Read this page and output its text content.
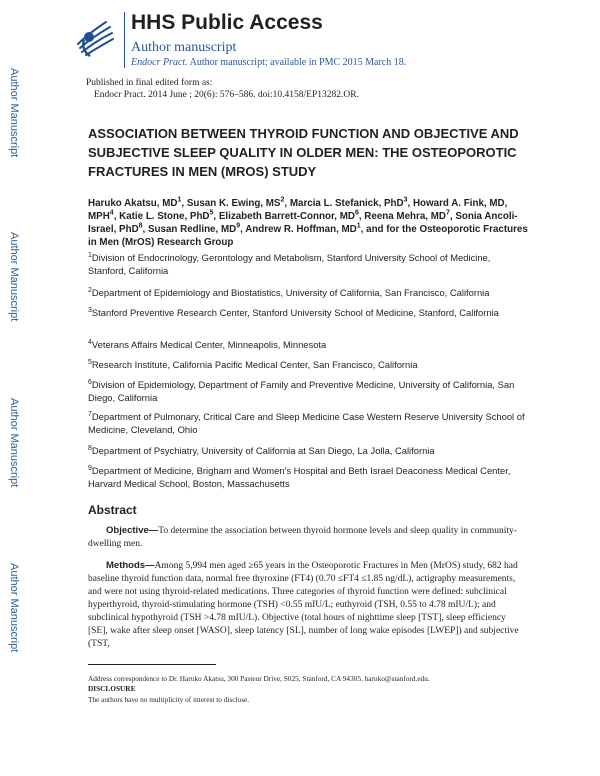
HHS Public Access
Author manuscript
Endocr Pract. Author manuscript; available in PMC 2015 March 18.
Author Manuscript
Author Manuscript
Author Manuscript
Author Manuscript
Published in final edited form as:
Endocr Pract. 2014 June ; 20(6): 576–586. doi:10.4158/EP13282.OR.
ASSOCIATION BETWEEN THYROID FUNCTION AND OBJECTIVE AND SUBJECTIVE SLEEP QUALITY IN OLDER MEN: THE OSTEOPOROTIC FRACTURES IN MEN (MROS) STUDY
Haruko Akatsu, $MD^1$, Susan K. Ewing, $MS^2$, Marcia L. Stefanick, PhD$^3$, Howard A. Fink, MD, MPH$^4$, Katie L. Stone, PhD$^5$, Elizabeth Barrett-Connor, $MD^6$, Reena Mehra, $MD^7$, Sonia Ancoli-Israel, PhD$^8$, Susan Redline, $MD^9$, Andrew R. Hoffman, $MD^1$, and for the Osteoporotic Fractures in Men (MrOS) Research Group
$^1$Division of Endocrinology, Gerontology and Metabolism, Stanford University School of Medicine, Stanford, California
$^2$Department of Epidemiology and Biostatistics, University of California, San Francisco, California
$^3$Stanford Preventive Research Center, Stanford University School of Medicine, Stanford, California
$^4$Veterans Affairs Medical Center, Minneapolis, Minnesota
$^5$Research Institute, California Pacific Medical Center, San Francisco, California
$^6$Division of Epidemiology, Department of Family and Preventive Medicine, University of California, San Diego, California
$^7$Department of Pulmonary, Critical Care and Sleep Medicine Case Western Reserve University School of Medicine, Cleveland, Ohio
$^8$Department of Psychiatry, University of California at San Diego, La Jolla, California
$^9$Department of Medicine, Brigham and Women's Hospital and Beth Israel Deaconess Medical Center, Harvard Medical School, Boston, Massachusetts
Abstract
Objective—To determine the association between thyroid hormone levels and sleep quality in community-dwelling men.
Methods—Among 5,994 men aged ≥65 years in the Osteoporotic Fractures in Men (MrOS) study, 682 had baseline thyroid function data, normal free thyroxine (FT4) (0.70 ≤FT4 ≤1.85 ng/dL), actigraphy measurements, and were not using thyroid-related medications. Three categories of thyroid function were defined: subclinical hyperthyroid, thyroid-stimulating hormone (TSH) <0.55 mIU/L; euthyroid (TSH, 0.55 to 4.78 mIU/L); and subclinical hypothyroid (TSH >4.78 mIU/L). Objective (total hours of nighttime sleep [TST], sleep efficiency [SE], wake after sleep onset [WASO], sleep latency [SL], number of long wake episodes [LWEP]) and subjective (TST,
Address correspondence to Dr. Haruko Akatsu, 300 Pasteur Drive, S025, Stanford, CA 94305. haruko@stanford.edu.
DISCLOSURE
The authors have no multiplicity of interest to disclose.
